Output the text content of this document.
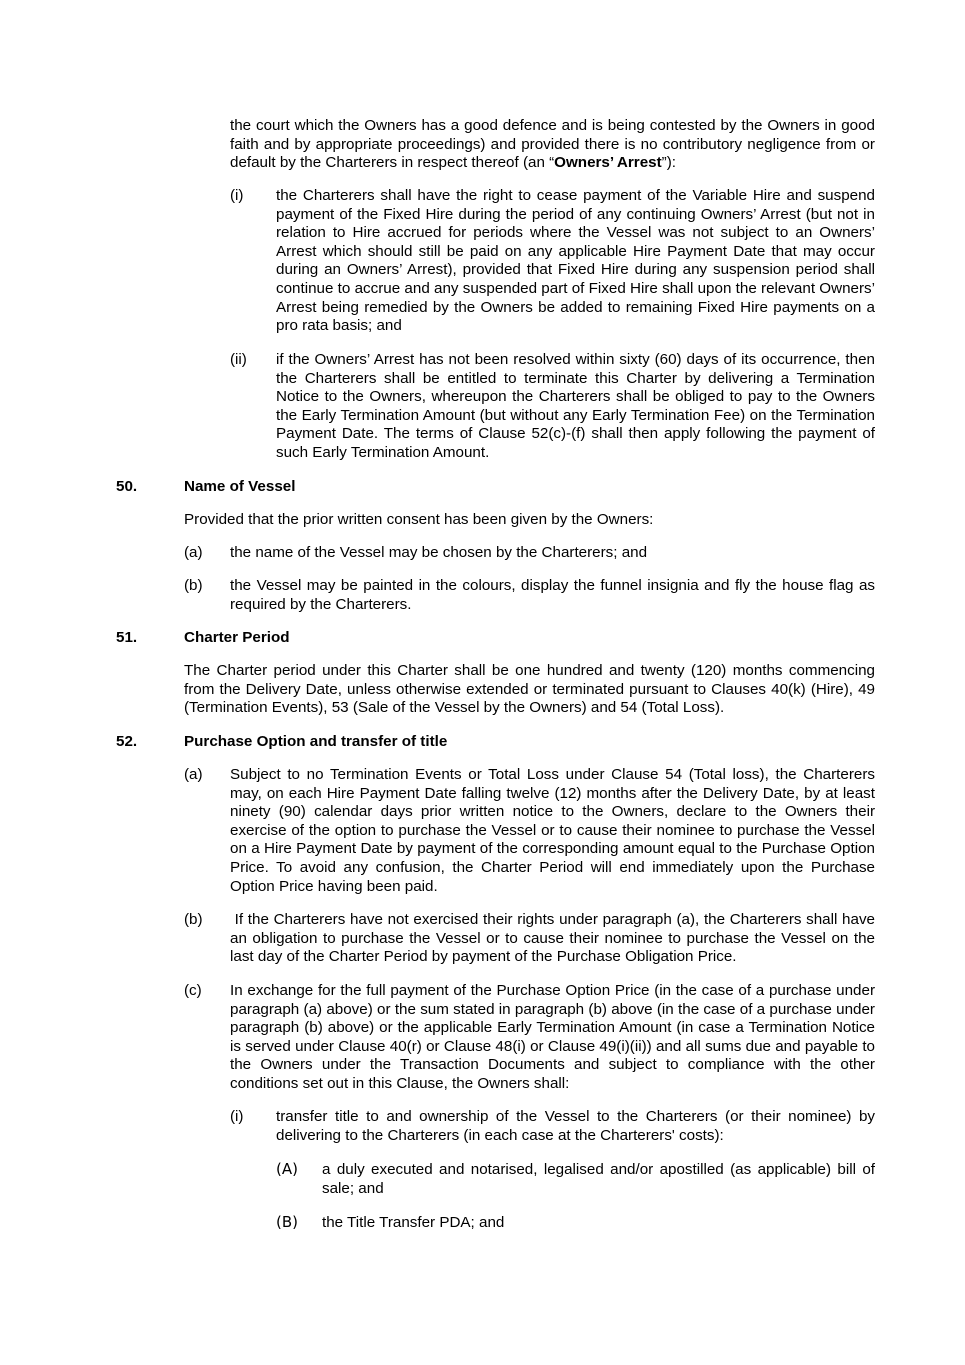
the court which the Owners has a good defence and is being contested by the Owners in good faith and by appropriate proceedings) and provided there is no contributory negligence from or default by the Charterers in respect thereof (an “Owners’ Arrest”):

(i) the Charterers shall have the right to cease payment of the Variable Hire and suspend payment of the Fixed Hire during the period of any continuing Owners’ Arrest (but not in relation to Hire accrued for periods where the Vessel was not subject to an Owners’ Arrest which should still be paid on any applicable Hire Payment Date that may occur during an Owners’ Arrest), provided that Fixed Hire during any suspension period shall continue to accrue and any suspended part of Fixed Hire shall upon the relevant Owners’ Arrest being remedied by the Owners be added to remaining Fixed Hire payments on a pro rata basis; and

(ii) if the Owners’ Arrest has not been resolved within sixty (60) days of its occurrence, then the Charterers shall be entitled to terminate this Charter by delivering a Termination Notice to the Owners, whereupon the Charterers shall be obliged to pay to the Owners the Early Termination Amount (but without any Early Termination Fee) on the Termination Payment Date. The terms of Clause 52(c)-(f) shall then apply following the payment of such Early Termination Amount.

50.	Name of Vessel

Provided that the prior written consent has been given by the Owners:

(a) the name of the Vessel may be chosen by the Charterers; and

(b) the Vessel may be painted in the colours, display the funnel insignia and fly the house flag as required by the Charterers.

51.	Charter Period

The Charter period under this Charter shall be one hundred and twenty (120) months commencing from the Delivery Date, unless otherwise extended or terminated pursuant to Clauses 40(k) (Hire), 49 (Termination Events), 53 (Sale of the Vessel by the Owners) and 54 (Total Loss).

52.	Purchase Option and transfer of title

(a) Subject to no Termination Events or Total Loss under Clause 54 (Total loss), the Charterers may, on each Hire Payment Date falling twelve (12) months after the Delivery Date, by at least ninety (90) calendar days prior written notice to the Owners, declare to the Owners their exercise of the option to purchase the Vessel or to cause their nominee to purchase the Vessel on a Hire Payment Date by payment of the corresponding amount equal to the Purchase Option Price. To avoid any confusion, the Charter Period will end immediately upon the Purchase Option Price having been paid.

(b) If the Charterers have not exercised their rights under paragraph (a), the Charterers shall have an obligation to purchase the Vessel or to cause their nominee to purchase the Vessel on the last day of the Charter Period by payment of the Purchase Obligation Price.

(c) In exchange for the full payment of the Purchase Option Price (in the case of a purchase under paragraph (a) above) or the sum stated in paragraph (b) above (in the case of a purchase under paragraph (b) above) or the applicable Early Termination Amount (in case a Termination Notice is served under Clause 40(r) or Clause 48(i) or Clause 49(i)(ii)) and all sums due and payable to the Owners under the Transaction Documents and subject to compliance with the other conditions set out in this Clause, the Owners shall:

(i) transfer title to and ownership of the Vessel to the Charterers (or their nominee) by delivering to the Charterers (in each case at the Charterers' costs):

(A) a duly executed and notarised, legalised and/or apostilled (as applicable) bill of sale; and

(B) the Title Transfer PDA; and
